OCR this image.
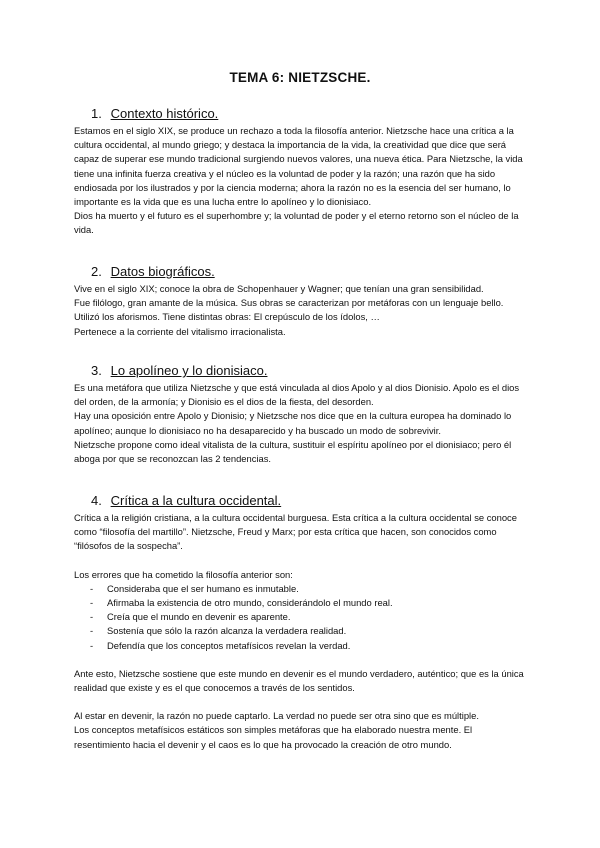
TEMA 6: NIETZSCHE.
1. Contexto histórico.

Estamos en el siglo XIX, se produce un rechazo a toda la filosofía anterior. Nietzsche hace una crítica a la cultura occidental, al mundo griego; y destaca la importancia de la vida, la creatividad que dice que será capaz de superar ese mundo tradicional surgiendo nuevos valores, una nueva ética. Para Nietzsche, la vida tiene una infinita fuerza creativa y el núcleo es la voluntad de poder y la razón; una razón que ha sido endiosada por los ilustrados y por la ciencia moderna; ahora la razón no es la esencia del ser humano, lo importante es la vida que es una lucha entre lo apolíneo y lo dionisiaco.

Dios ha muerto y el futuro es el superhombre y; la voluntad de poder y el eterno retorno son el núcleo de la vida.

2. Datos biográficos.

Vive en el siglo XIX; conoce la obra de Schopenhauer y Wagner; que tenían una gran sensibilidad.

Fue filólogo, gran amante de la música. Sus obras se caracterizan por metáforas con un lenguaje bello. Utilizó los aforismos. Tiene distintas obras: El crepúsculo de los ídolos, …

Pertenece a la corriente del vitalismo irracionalista.

3. Lo apolíneo y lo dionisiaco.

Es una metáfora que utiliza Nietzsche y que está vinculada al dios Apolo y al dios Dionisio. Apolo es el dios del orden, de la armonía; y Dionisio es el dios de la fiesta, del desorden.

Hay una oposición entre Apolo y Dionisio; y Nietzsche nos dice que en la cultura europea ha dominado lo apolíneo; aunque lo dionisiaco no ha desaparecido y ha buscado un modo de sobrevivir.

Nietzsche propone como ideal vitalista de la cultura, sustituir el espíritu apolíneo por el dionisiaco; pero él aboga por que se reconozcan las 2 tendencias.

4. Crítica a la cultura occidental.

Crítica a la religión cristiana, a la cultura occidental burguesa. Esta crítica a la cultura occidental se conoce como “filosofía del martillo”. Nietzsche, Freud y Marx; por esta crítica que hacen, son conocidos como “filósofos de la sospecha”.

Los errores que ha cometido la filosofía anterior son:

- Consideraba que el ser humano es inmutable.
- Afirmaba la existencia de otro mundo, considerándolo el mundo real.
- Creía que el mundo en devenir es aparente.
- Sostenía que sólo la razón alcanza la verdadera realidad.
- Defendía que los conceptos metafísicos revelan la verdad.

Ante esto, Nietzsche sostiene que este mundo en devenir es el mundo verdadero, auténtico; que es la única realidad que existe y es el que conocemos a través de los sentidos.

Al estar en devenir, la razón no puede captarlo. La verdad no puede ser otra sino que es múltiple.

Los conceptos metafísicos estáticos son simples metáforas que ha elaborado nuestra mente. El resentimiento hacia el devenir y el caos es lo que ha provocado la creación de otro mundo.
